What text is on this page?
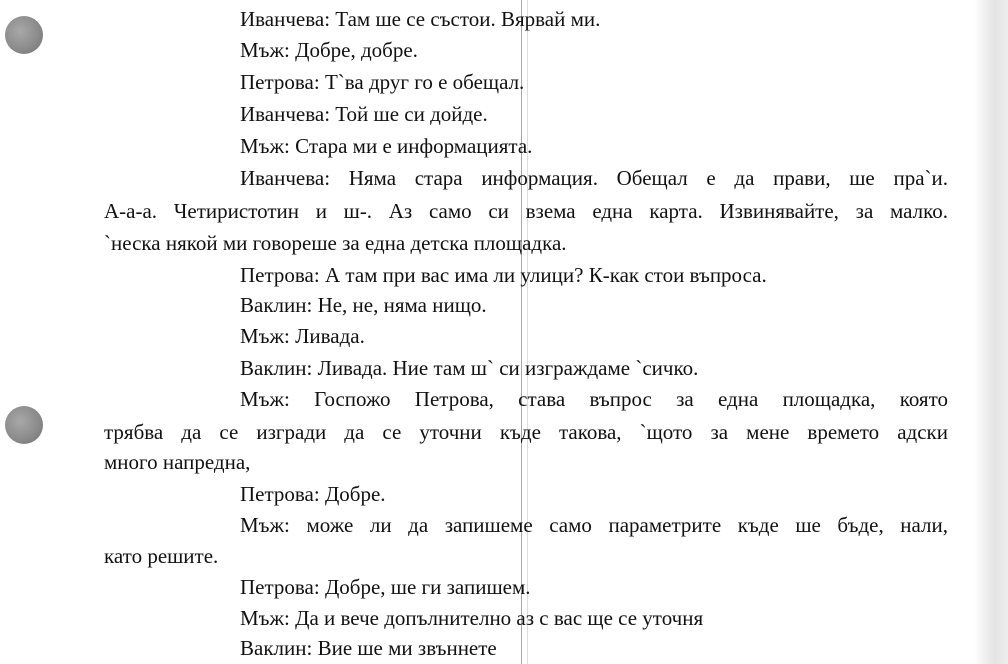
Иванчева: Там ше се състои. Вярвай ми.
Мъж: Добре, добре.
Петрова: Т`ва друг го е обещал.
Иванчева: Той ше си дойде.
Мъж: Стара ми е информацията.
Иванчева: Няма стара информация. Обещал е да прави, ше пра`и.
А-а-а. Четиристотин и ш-. Аз само си взема една карта. Извинявайте, за малко.
`неска някой ми говореше за една детска площадка.
Петрова: А там при вас има ли улици? К-как стои въпроса.
Ваклин: Не, не, няма нищо.
Мъж: Ливада.
Ваклин: Ливада. Ние там ш` си изграждаме `сичко.
Мъж: Госпожо Петрова, става въпрос за една площадка, която
трябва да се изгради да се уточни къде такова, `щото за мене времето адски
много напредна,
Петрова: Добре.
Мъж: може ли да запишеме само параметрите къде ше бъде, нали,
като решите.
Петрова: Добре, ше ги запишем.
Мъж: Да и вече допълнително аз с вас ще се уточня
Ваклин: Вие ше ми звъннете
